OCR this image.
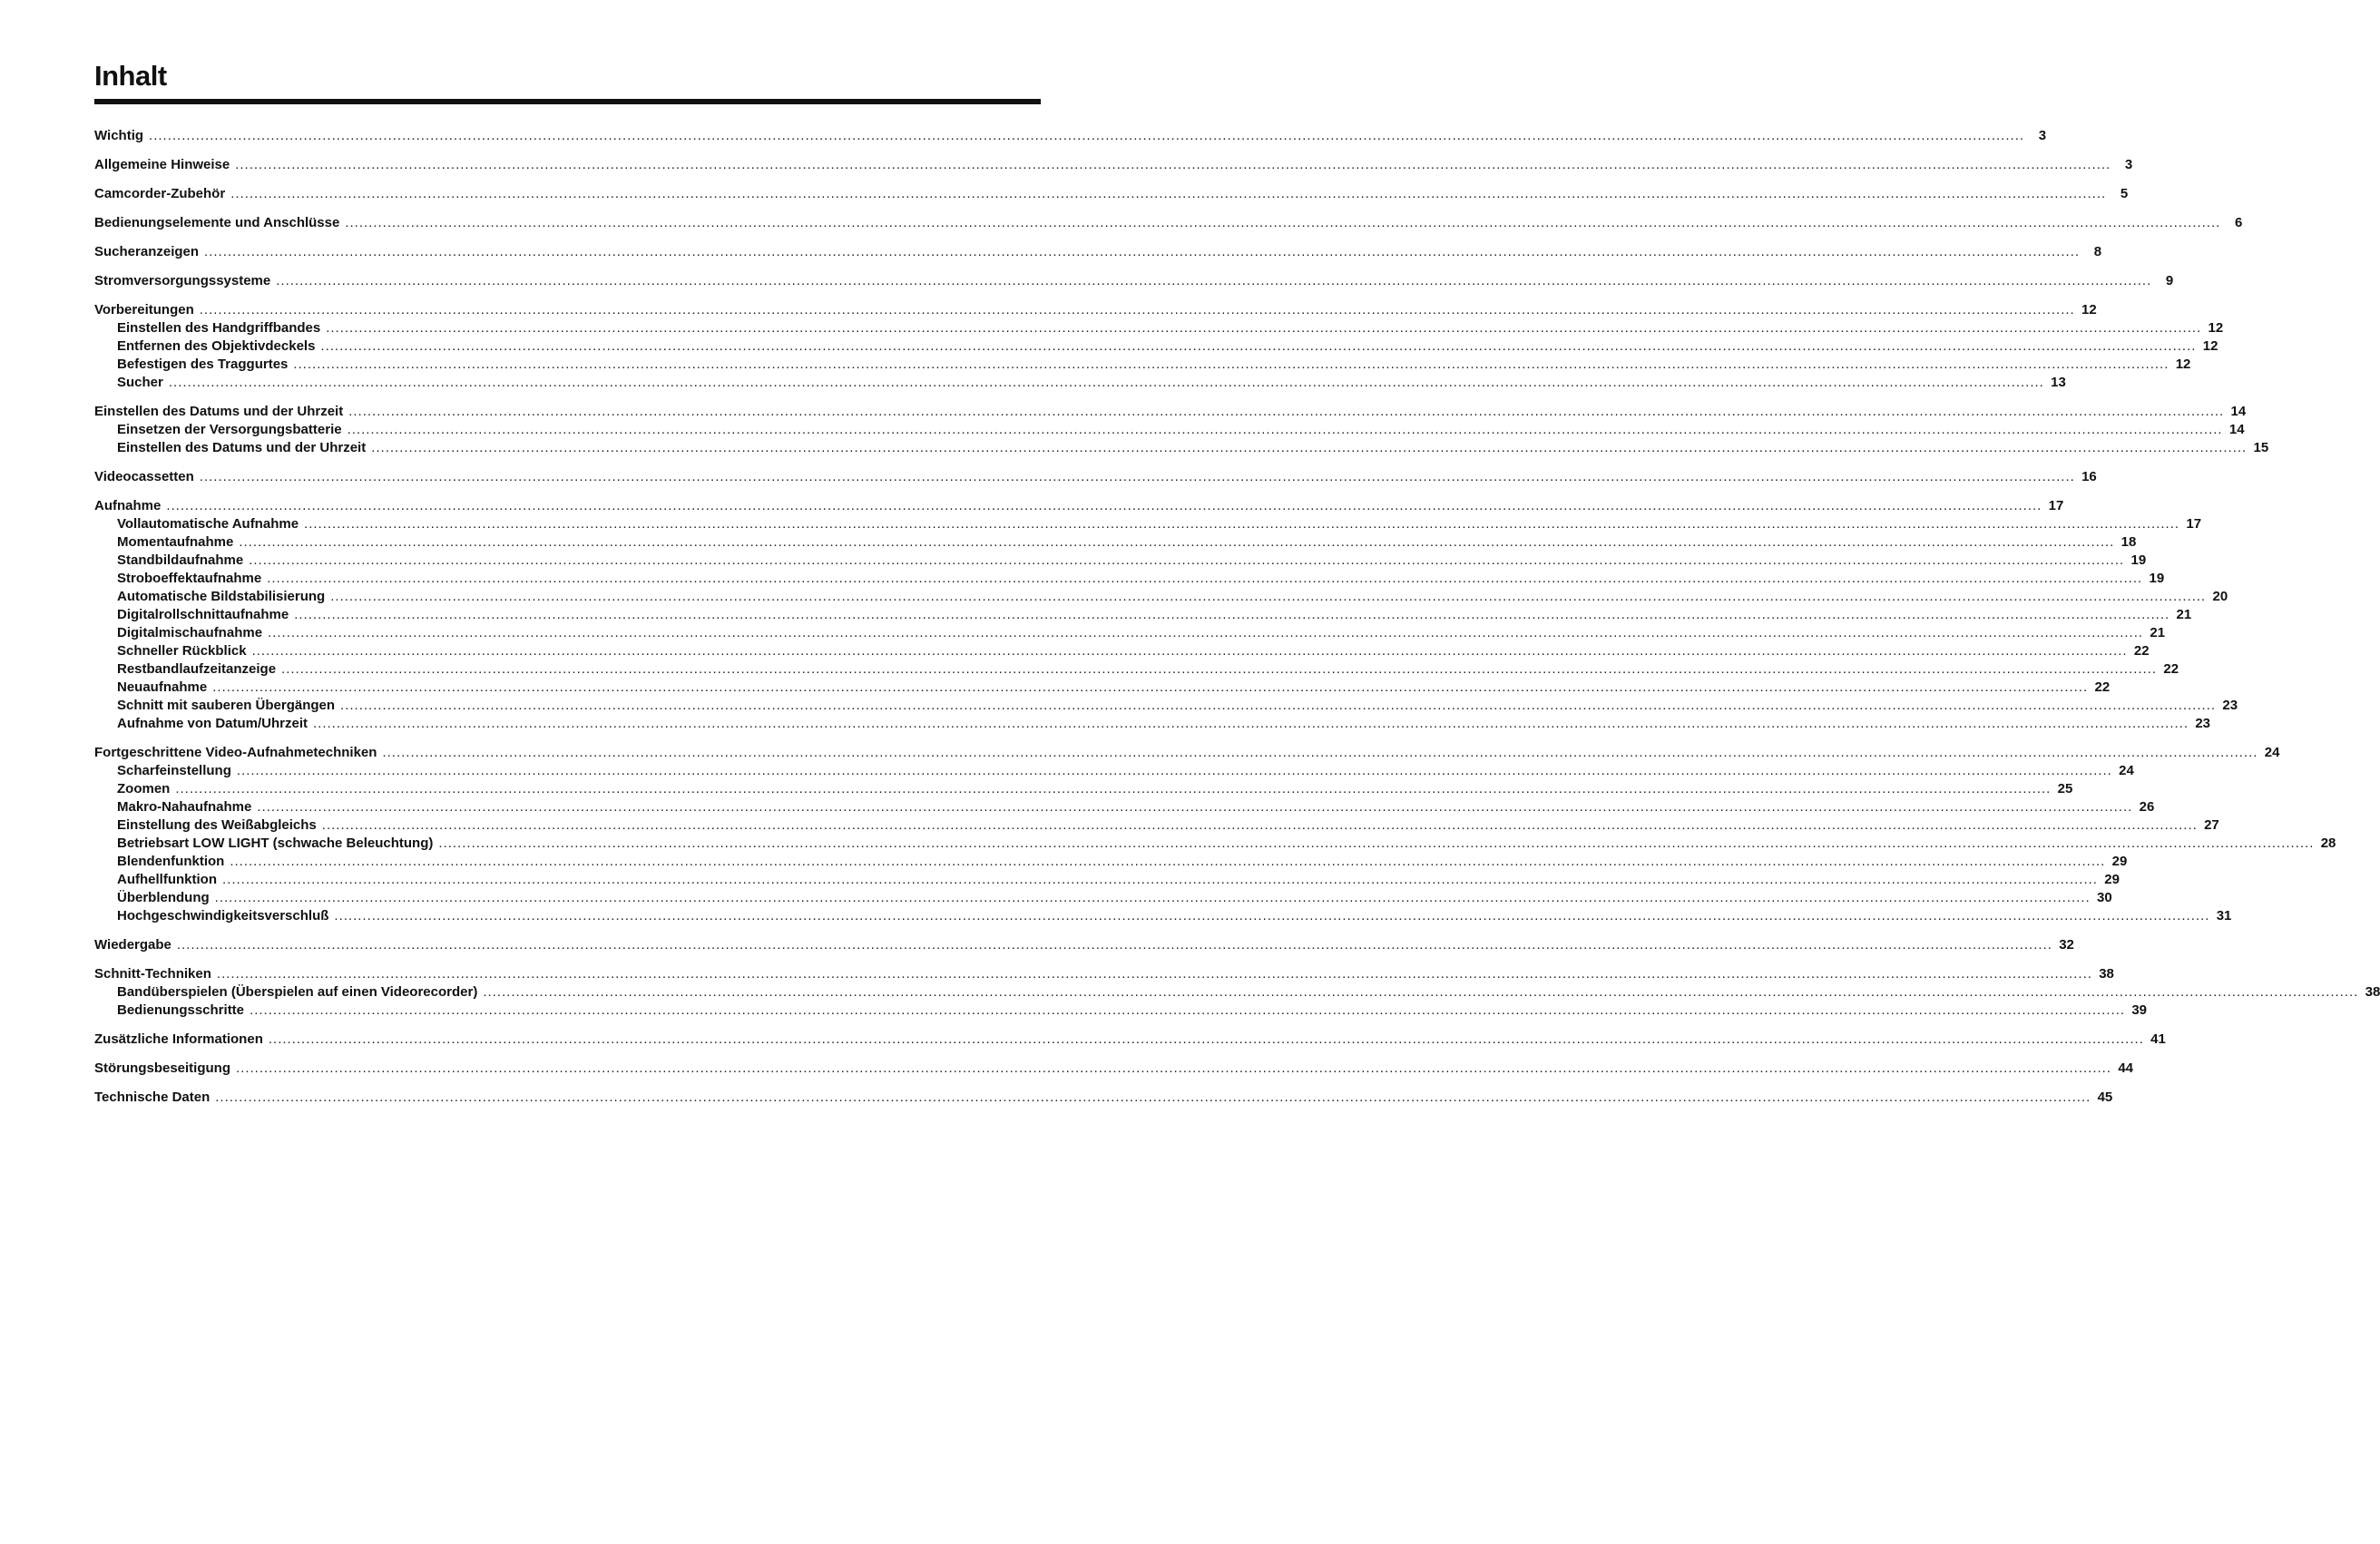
Inhalt
Wichtig ................................................................................................................................................................................................................................................................................................................................................................................................................	3
Allgemeine Hinweise ................................................................................................................................................................................................................................................................................................................................................................................................................	3
Camcorder-Zubehör ................................................................................................................................................................................................................................................................................................................................................................................................................	5
Bedienungselemente und Anschlüsse ................................................................................................................................................................................................................................................................................................................................................................................................................	6
Sucheranzeigen ................................................................................................................................................................................................................................................................................................................................................................................................................	8
Stromversorgungssysteme ................................................................................................................................................................................................................................................................................................................................................................................................................	9
Vorbereitungen ................................................................................................................................................................................................................................................................................................................................................................................................................ 12
Einstellen des Handgriffbandes ................................................................................................................................................................................................................................................................................................................................................................................................................ 12
Entfernen des Objektivdeckels ................................................................................................................................................................................................................................................................................................................................................................................................................ 12
Befestigen des Traggurtes ................................................................................................................................................................................................................................................................................................................................................................................................................ 12
Sucher ................................................................................................................................................................................................................................................................................................................................................................................................................ 13
Einstellen des Datums und der Uhrzeit ................................................................................................................................................................................................................................................................................................................................................................................................................ 14
Einsetzen der Versorgungsbatterie ................................................................................................................................................................................................................................................................................................................................................................................................................ 14
Einstellen des Datums und der Uhrzeit ................................................................................................................................................................................................................................................................................................................................................................................................................ 15
Videocassetten ................................................................................................................................................................................................................................................................................................................................................................................................................ 16
Aufnahme ................................................................................................................................................................................................................................................................................................................................................................................................................ 17
Vollautomatische Aufnahme ................................................................................................................................................................................................................................................................................................................................................................................................................ 17
Momentaufnahme ................................................................................................................................................................................................................................................................................................................................................................................................................ 18
Standbildaufnahme ................................................................................................................................................................................................................................................................................................................................................................................................................ 19
Stroboeffektaufnahme ................................................................................................................................................................................................................................................................................................................................................................................................................ 19
Automatische Bildstabilisierung ................................................................................................................................................................................................................................................................................................................................................................................................................ 20
Digitalrollschnittaufnahme ................................................................................................................................................................................................................................................................................................................................................................................................................ 21
Digitalmischaufnahme ................................................................................................................................................................................................................................................................................................................................................................................................................ 21
Schneller Rückblick ................................................................................................................................................................................................................................................................................................................................................................................................................ 22
Restbandlaufzeitanzeige ................................................................................................................................................................................................................................................................................................................................................................................................................ 22
Neuaufnahme ................................................................................................................................................................................................................................................................................................................................................................................................................ 22
Schnitt mit sauberen Übergängen ................................................................................................................................................................................................................................................................................................................................................................................................................ 23
Aufnahme von Datum/Uhrzeit ................................................................................................................................................................................................................................................................................................................................................................................................................ 23
Fortgeschrittene Video-Aufnahmetechniken ................................................................................................................................................................................................................................................................................................................................................................................................................ 24
Scharfeinstellung ................................................................................................................................................................................................................................................................................................................................................................................................................ 24
Zoomen ................................................................................................................................................................................................................................................................................................................................................................................................................ 25
Makro-Nahaufnahme ................................................................................................................................................................................................................................................................................................................................................................................................................ 26
Einstellung des Weißabgleichs ................................................................................................................................................................................................................................................................................................................................................................................................................ 27
Betriebsart LOW LIGHT (schwache Beleuchtung) ................................................................................................................................................................................................................................................................................................................................................................................................................ 28
Blendenfunktion ................................................................................................................................................................................................................................................................................................................................................................................................................ 29
Aufhellfunktion ................................................................................................................................................................................................................................................................................................................................................................................................................ 29
Überblendung ................................................................................................................................................................................................................................................................................................................................................................................................................ 30
Hochgeschwindigkeitsverschluß ................................................................................................................................................................................................................................................................................................................................................................................................................ 31
Wiedergabe ................................................................................................................................................................................................................................................................................................................................................................................................................ 32
Schnitt-Techniken ................................................................................................................................................................................................................................................................................................................................................................................................................ 38
Bandüberspielen (Überspielen auf einen Videorecorder) ................................................................................................................................................................................................................................................................................................................................................................................................................ 38
Bedienungsschritte ................................................................................................................................................................................................................................................................................................................................................................................................................ 39
Zusätzliche Informationen ................................................................................................................................................................................................................................................................................................................................................................................................................ 41
Störungsbeseitigung ................................................................................................................................................................................................................................................................................................................................................................................................................ 44
Technische Daten ................................................................................................................................................................................................................................................................................................................................................................................................................ 45
